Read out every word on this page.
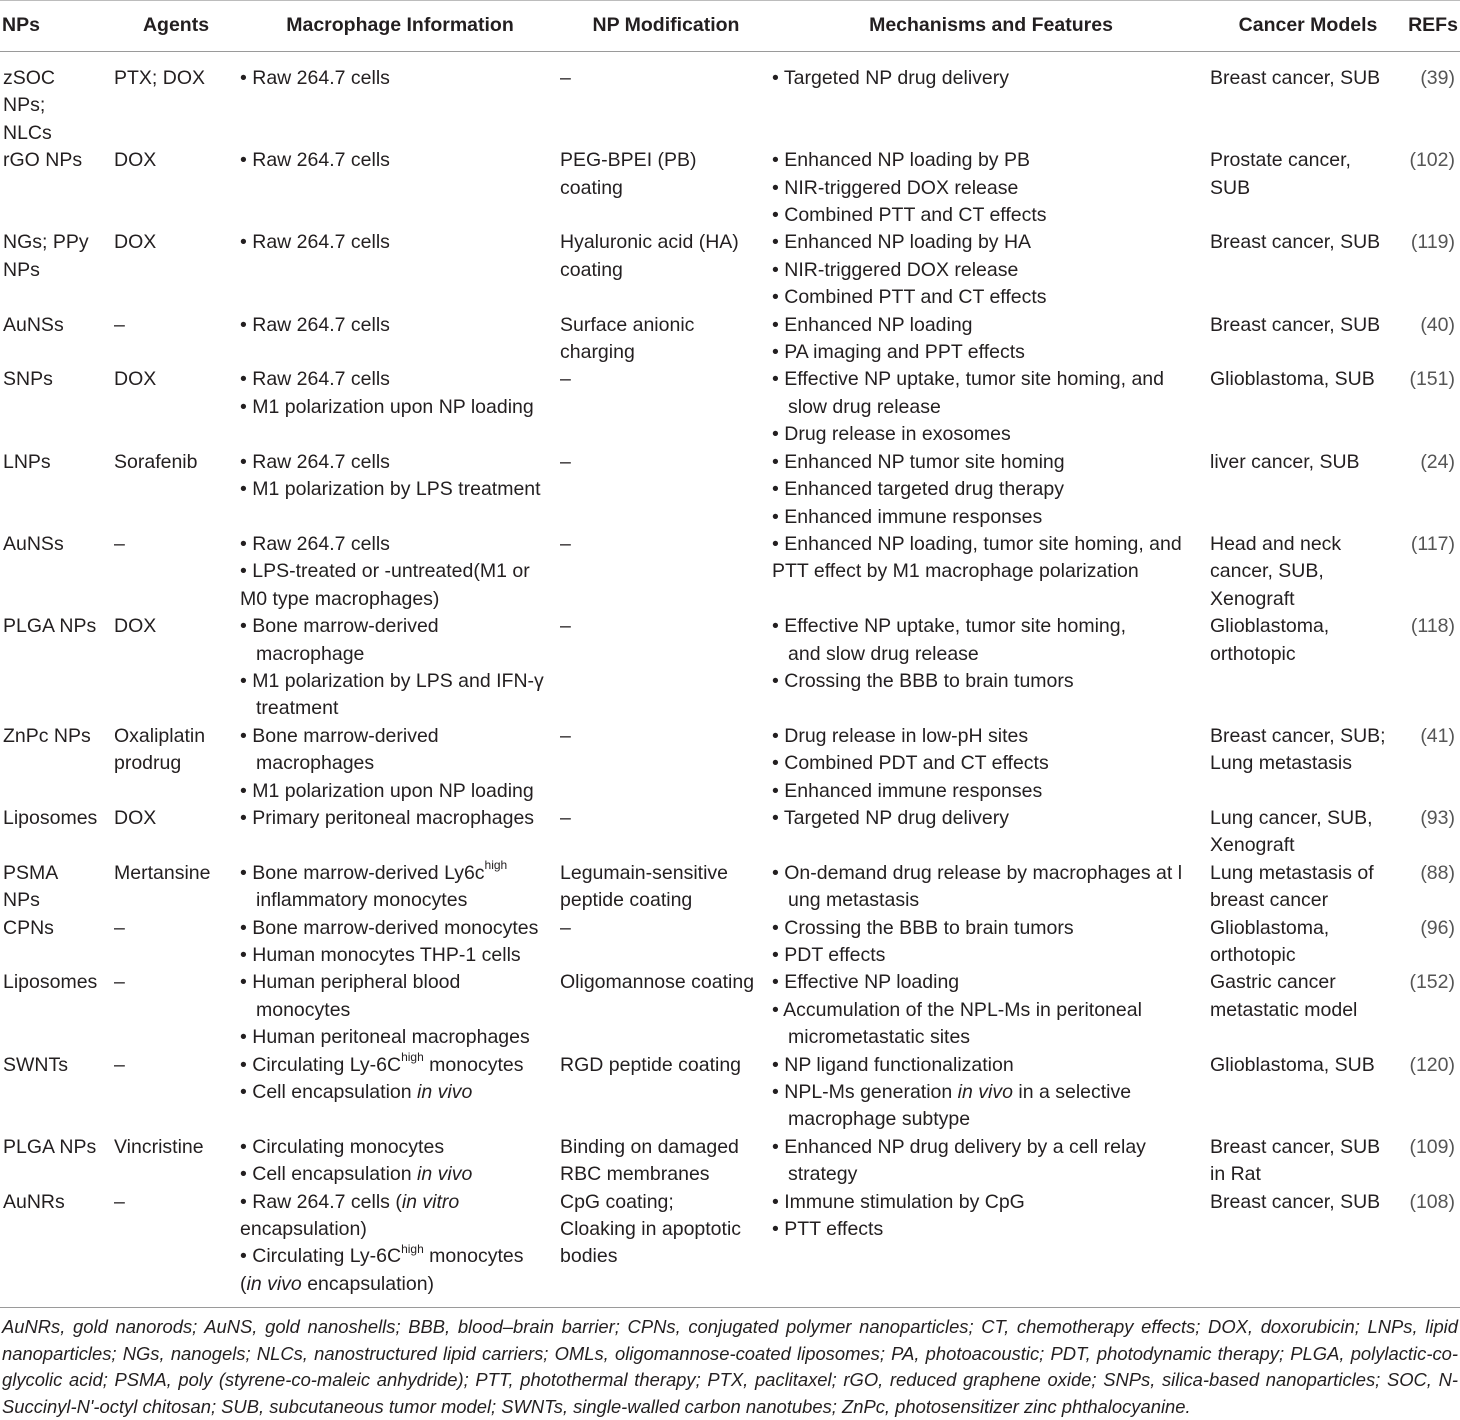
NPs	Agents	Macrophage Information	NP Modification	Mechanisms and Features	Cancer Models	REFs

zSOC
NPs;
NLCs	PTX; DOX	• Raw 264.7 cells	–	• Targeted NP drug delivery	Breast cancer, SUB	(39)

rGO NPs	DOX	• Raw 264.7 cells	PEG-BPEI (PB)
coating	• Enhanced NP loading by PB
• NIR-triggered DOX release
• Combined PTT and CT effects	Prostate cancer,
SUB	(102)

NGs; PPy
NPs	DOX	• Raw 264.7 cells	Hyaluronic acid (HA)
coating	• Enhanced NP loading by HA
• NIR-triggered DOX release
• Combined PTT and CT effects	Breast cancer, SUB	(119)

AuNSs	–	• Raw 264.7 cells	Surface anionic
charging	• Enhanced NP loading
• PA imaging and PPT effects	Breast cancer, SUB	(40)

SNPs	DOX	• Raw 264.7 cells
• M1 polarization upon NP loading	–	• Effective NP uptake, tumor site homing, and
slow drug release
• Drug release in exosomes	Glioblastoma, SUB	(151)

LNPs	Sorafenib	• Raw 264.7 cells
• M1 polarization by LPS treatment	–	• Enhanced NP tumor site homing
• Enhanced targeted drug therapy
• Enhanced immune responses	liver cancer, SUB	(24)

AuNSs	–	• Raw 264.7 cells
• LPS-treated or -untreated(M1 or
M0 type macrophages)	–	• Enhanced NP loading, tumor site homing, and
PTT effect by M1 macrophage polarization	Head and neck
cancer, SUB,
Xenograft	(117)

PLGA NPs	DOX	• Bone marrow-derived
macrophage
• M1 polarization by LPS and IFN-γ
treatment	–	• Effective NP uptake, tumor site homing,
and slow drug release
• Crossing the BBB to brain tumors	Glioblastoma,
orthotopic	(118)

ZnPc NPs	Oxaliplatin
prodrug	• Bone marrow-derived
macrophages
• M1 polarization upon NP loading	–	• Drug release in low-pH sites
• Combined PDT and CT effects
• Enhanced immune responses	Breast cancer, SUB;
Lung metastasis	(41)

Liposomes	DOX	• Primary peritoneal macrophages	–	• Targeted NP drug delivery	Lung cancer, SUB,
Xenograft	(93)

PSMA
NPs	Mertansine	• Bone marrow-derived $Ly6c^{high}$
inflammatory monocytes	Legumain-sensitive
peptide coating	• On-demand drug release by macrophages at l
ung metastasis	Lung metastasis of
breast cancer	(88)

CPNs	–	• Bone marrow-derived monocytes
• Human monocytes THP-1 cells	–	• Crossing the BBB to brain tumors
• PDT effects	Glioblastoma,
orthotopic	(96)

Liposomes	–	• Human peripheral blood
monocytes
• Human peritoneal macrophages	Oligomannose coating	• Effective NP loading
• Accumulation of the NPL-Ms in peritoneal
micrometastatic sites	Gastric cancer
metastatic model	(152)

SWNTs	–	• Circulating $Ly-6C^{high}$ monocytes
• Cell encapsulation in vivo	RGD peptide coating	• NP ligand functionalization
• NPL-Ms generation in vivo in a selective
macrophage subtype	Glioblastoma, SUB	(120)

PLGA NPs	Vincristine	• Circulating monocytes
• Cell encapsulation in vivo	Binding on damaged
RBC membranes	• Enhanced NP drug delivery by a cell relay
strategy	Breast cancer, SUB
in Rat	(109)

AuNRs	–	• Raw 264.7 cells (in vitro
encapsulation)
• Circulating $Ly-6C^{high}$ monocytes
(in vivo encapsulation)	CpG coating;
Cloaking in apoptotic
bodies	• Immune stimulation by CpG
• PTT effects	Breast cancer, SUB	(108)
AuNRs, gold nanorods; AuNS, gold nanoshells; BBB, blood–brain barrier; CPNs, conjugated polymer nanoparticles; CT, chemotherapy effects; DOX, doxorubicin; LNPs, lipid nanoparticles; NGs, nanogels; NLCs, nanostructured lipid carriers; OMLs, oligomannose-coated liposomes; PA, photoacoustic; PDT, photodynamic therapy; PLGA, polylactic-co-glycolic acid; PSMA, poly (styrene-co-maleic anhydride); PTT, photothermal therapy; PTX, paclitaxel; rGO, reduced graphene oxide; SNPs, silica-based nanoparticles; SOC, N-Succinyl-N'-octyl chitosan; SUB, subcutaneous tumor model; SWNTs, single-walled carbon nanotubes; ZnPc, photosensitizer zinc phthalocyanine.
